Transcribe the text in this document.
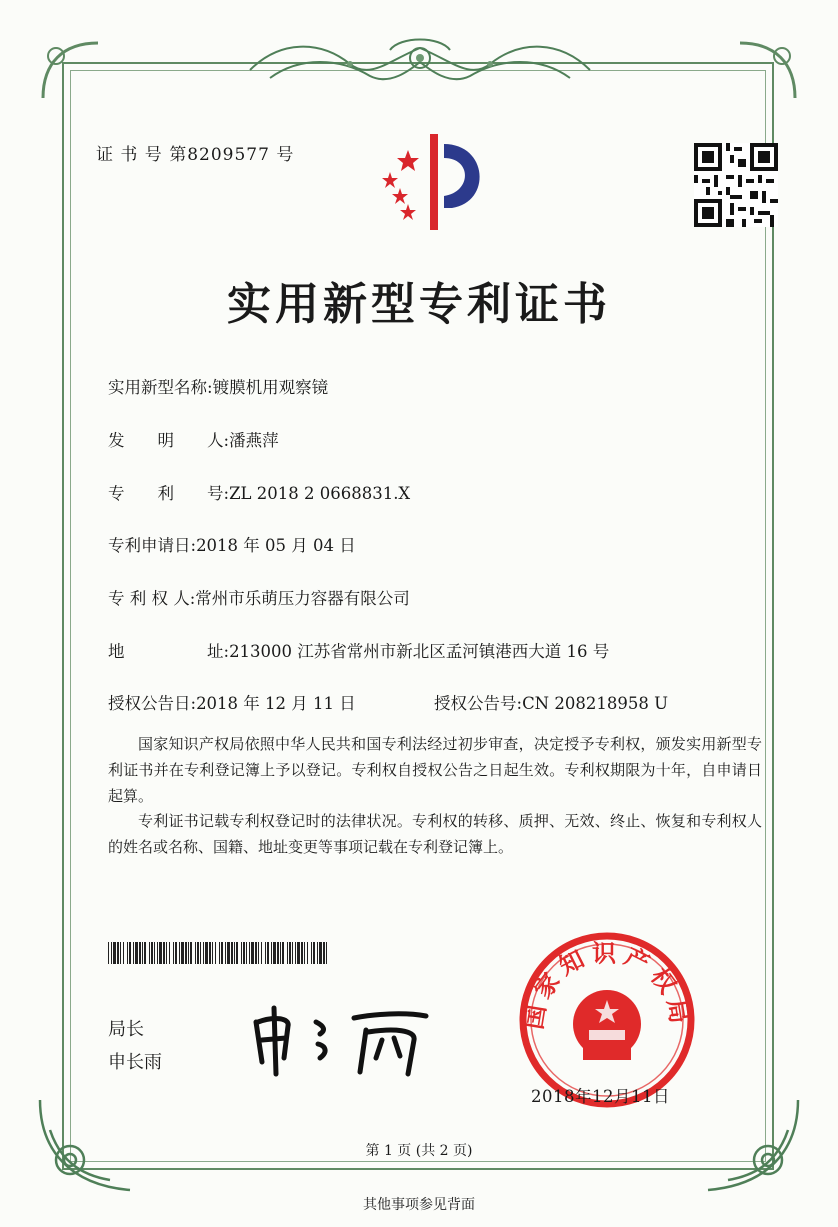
证 书 号 第8209577 号
实用新型专利证书
实用新型名称:镀膜机用观察镜
发　　明　　人:潘燕萍
专　　利　　号:ZL 2018 2 0668831.X
专利申请日:2018 年 05 月 04 日
专 利 权 人:常州市乐萌压力容器有限公司
地　　　　　址:213000 江苏省常州市新北区孟河镇港西大道 16 号
授权公告日:2018 年 12 月 11 日	授权公告号:CN 208218958 U
国家知识产权局依照中华人民共和国专利法经过初步审查，决定授予专利权，颁发实用新型专利证书并在专利登记簿上予以登记。专利权自授权公告之日起生效。专利权期限为十年，自申请日起算。
专利证书记载专利权登记时的法律状况。专利权的转移、质押、无效、终止、恢复和专利权人的姓名或名称、国籍、地址变更等事项记载在专利登记簿上。
局长
申长雨
国家知识产权局
2018年12月11日
第 1 页 (共 2 页)
其他事项参见背面
